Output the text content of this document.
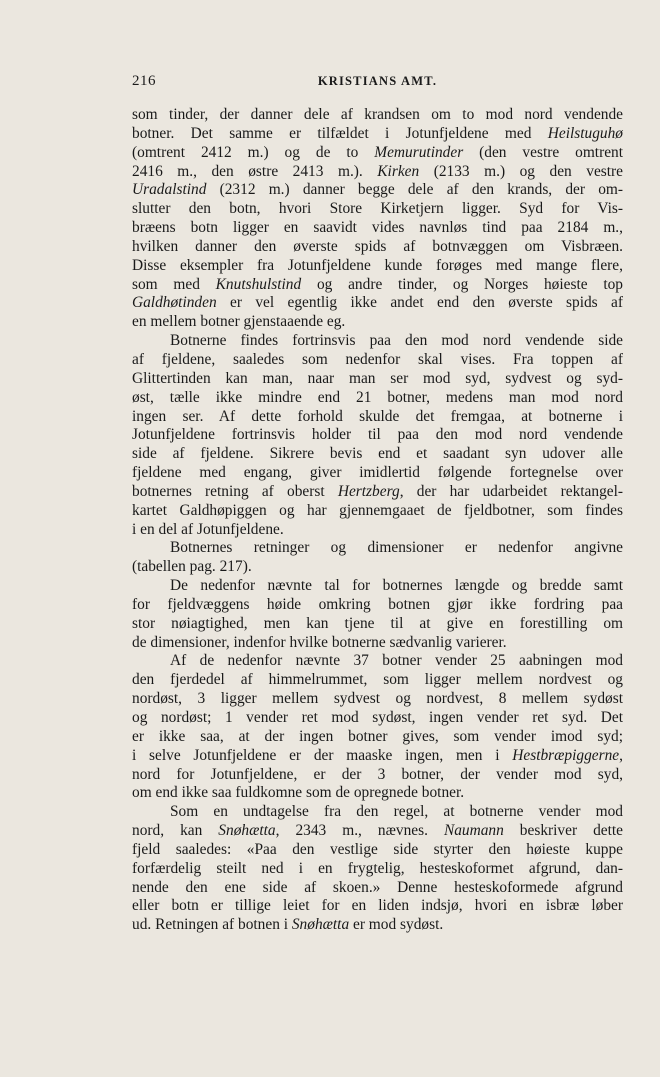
216	KRISTIANS AMT.
som tinder, der danner dele af krandsen om to mod nord vendende
botner. Det samme er tilfældet i Jotunfjeldene med Heilstuguhø
(omtrent 2412 m.) og de to Memurutinder (den vestre omtrent
2416 m., den østre 2413 m.). Kirken (2133 m.) og den vestre
Uradalstind (2312 m.) danner begge dele af den krands, der om-
slutter den botn, hvori Store Kirketjern ligger. Syd for Vis-
bræens botn ligger en saavidt vides navnløs tind paa 2184 m.,
hvilken danner den øverste spids af botnvæggen om Visbræen.
Disse eksempler fra Jotunfjeldene kunde forøges med mange flere,
som med Knutshulstind og andre tinder, og Norges høieste top
Galdhøtinden er vel egentlig ikke andet end den øverste spids af
en mellem botner gjenstaaende eg.
Botnerne findes fortrinsvis paa den mod nord vendende side
af fjeldene, saaledes som nedenfor skal vises. Fra toppen af
Glittertinden kan man, naar man ser mod syd, sydvest og syd-
øst, tælle ikke mindre end 21 botner, medens man mod nord
ingen ser. Af dette forhold skulde det fremgaa, at botnerne i
Jotunfjeldene fortrinsvis holder til paa den mod nord vendende
side af fjeldene. Sikrere bevis end et saadant syn udover alle
fjeldene med engang, giver imidlertid følgende fortegnelse over
botnernes retning af oberst Hertzberg, der har udarbeidet rektangel-
kartet Galdhøpiggen og har gjennemgaaet de fjeldbotner, som findes
i en del af Jotunfjeldene.
Botnernes retninger og dimensioner er nedenfor angivne
(tabellen pag. 217).
De nedenfor nævnte tal for botnernes længde og bredde samt
for fjeldvæggens høide omkring botnen gjør ikke fordring paa
stor nøiagtighed, men kan tjene til at give en forestilling om
de dimensioner, indenfor hvilke botnerne sædvanlig varierer.
Af de nedenfor nævnte 37 botner vender 25 aabningen mod
den fjerdedel af himmelrummet, som ligger mellem nordvest og
nordøst, 3 ligger mellem sydvest og nordvest, 8 mellem sydøst
og nordøst; 1 vender ret mod sydøst, ingen vender ret syd. Det
er ikke saa, at der ingen botner gives, som vender imod syd;
i selve Jotunfjeldene er der maaske ingen, men i Hestbræpiggerne,
nord for Jotunfjeldene, er der 3 botner, der vender mod syd,
om end ikke saa fuldkomne som de opregnede botner.
Som en undtagelse fra den regel, at botnerne vender mod
nord, kan Snøhætta, 2343 m., nævnes. Naumann beskriver dette
fjeld saaledes: «Paa den vestlige side styrter den høieste kuppe
forfærdelig steilt ned i en frygtelig, hesteskoformet afgrund, dan-
nende den ene side af skoen.» Denne hesteskoformede afgrund
eller botn er tillige leiet for en liden indsjø, hvori en isbræ løber
ud. Retningen af botnen i Snøhætta er mod sydøst.
